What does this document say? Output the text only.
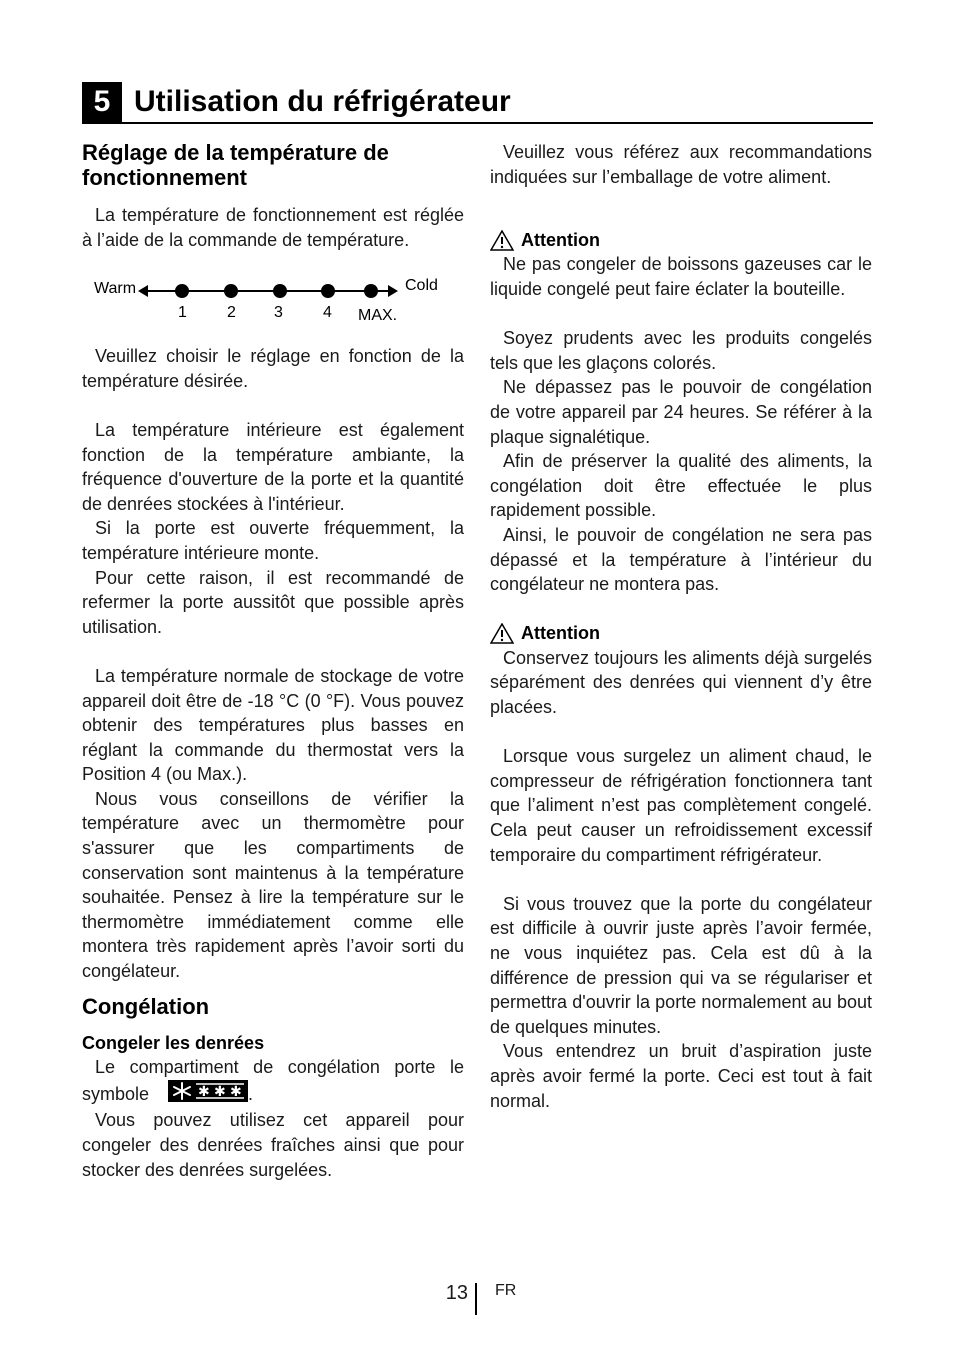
5 Utilisation du réfrigérateur
Réglage de la température de fonctionnement

La température de fonctionnement est réglée à l’aide de la commande de température.

Warm	Cold
1	2 3	4 MAX.

Veuillez choisir le réglage en fonction de la température désirée.

La température intérieure est également fonction de la température ambiante, la fréquence d'ouverture de la porte et la quantité de denrées stockées à l'intérieur.

Si la porte est ouverte fréquemment, la température intérieure monte.

Pour cette raison, il est recommandé de refermer la porte aussitôt que possible après utilisation.

La température normale de stockage de votre appareil doit être de -18 °C (0 °F). Vous pouvez obtenir des températures plus basses en réglant la commande du thermostat vers la Position 4 (ou Max.).

Nous vous conseillons de vérifier la température avec un thermomètre pour s'assurer que les compartiments de conservation sont maintenus à la température souhaitée. Pensez à lire la température sur le thermomètre immédiatement comme elle montera très rapidement après l’avoir sorti du congélateur.

Congélation
Congeler les denrées

Le compartiment de congélation porte le symbole	✱ ✱ ✱ .

Vous pouvez utilisez cet appareil pour congeler des denrées fraîches ainsi que pour stocker des denrées surgelées.

Veuillez vous référez aux recommandations indiquées sur l’emballage de votre aliment.

Attention

Ne pas congeler de boissons gazeuses car le liquide congelé peut faire éclater la bouteille.

Soyez prudents avec les produits congelés tels que les glaçons colorés.

Ne dépassez pas le pouvoir de congélation de votre appareil par 24 heures. Se référer à la plaque signalétique.

Afin de préserver la qualité des aliments, la congélation doit être effectuée le plus rapidement possible.

Ainsi, le pouvoir de congélation ne sera pas dépassé et la température à l’intérieur du congélateur ne montera pas.

Attention

Conservez toujours les aliments déjà surgelés séparément des denrées qui viennent d’y être placées.

Lorsque vous surgelez un aliment chaud, le compresseur de réfrigération fonctionnera tant que l’aliment n’est pas complètement congelé. Cela peut causer un refroidissement excessif temporaire du compartiment réfrigérateur.

Si vous trouvez que la porte du congélateur est difficile à ouvrir juste après l’avoir fermée, ne vous inquiétez pas. Cela est dû à la différence de pression qui va se régulariser et permettra d'ouvrir la porte normalement au bout de quelques minutes.

Vous entendrez un bruit d’aspiration juste après avoir fermé la porte. Ceci est tout à fait normal.

13 FR
